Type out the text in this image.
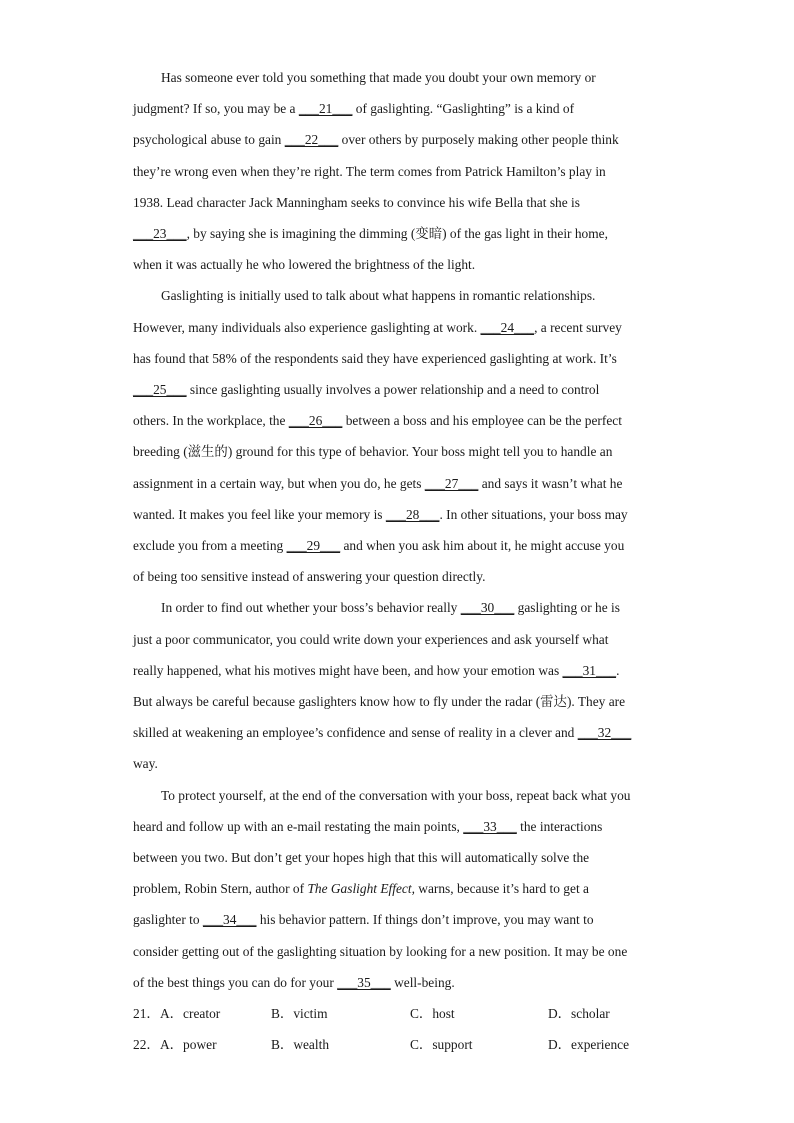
Has someone ever told you something that made you doubt your own memory or

judgment? If so, you may be a ___21___ of gaslighting. “Gaslighting” is a kind of

psychological abuse to gain ___22___ over others by purposely making other people think

they’re wrong even when they’re right. The term comes from Patrick Hamilton’s play in

1938. Lead character Jack Manningham seeks to convince his wife Bella that she is

___23___, by saying she is imagining the dimming (变暗) of the gas light in their home,

when it was actually he who lowered the brightness of the light.

Gaslighting is initially used to talk about what happens in romantic relationships.

However, many individuals also experience gaslighting at work. ___24___, a recent survey

has found that 58% of the respondents said they have experienced gaslighting at work. It’s

___25___ since gaslighting usually involves a power relationship and a need to control

others. In the workplace, the ___26___ between a boss and his employee can be the perfect

breeding (滋生的) ground for this type of behavior. Your boss might tell you to handle an

assignment in a certain way, but when you do, he gets ___27___ and says it wasn’t what he

wanted. It makes you feel like your memory is ___28___. In other situations, your boss may

exclude you from a meeting ___29___ and when you ask him about it, he might accuse you

of being too sensitive instead of answering your question directly.

In order to find out whether your boss’s behavior really ___30___ gaslighting or he is

just a poor communicator, you could write down your experiences and ask yourself what

really happened, what his motives might have been, and how your emotion was ___31___.

But always be careful because gaslighters know how to fly under the radar (雷达). They are

skilled at weakening an employee’s confidence and sense of reality in a clever and ___32___

way.

To protect yourself, at the end of the conversation with your boss, repeat back what you

heard and follow up with an e-mail restating the main points, ___33___ the interactions

between you two. But don’t get your hopes high that this will automatically solve the

problem, Robin Stern, author of The Gaslight Effect, warns, because it’s hard to get a

gaslighter to ___34___ his behavior pattern. If things don’t improve, you may want to

consider getting out of the gaslighting situation by looking for a new position. It may be one

of the best things you can do for your ___35___ well-being.

21． A．creator	B．victim	C．host	D．scholar
22． A．power	B．wealth	C．support	D．experience
